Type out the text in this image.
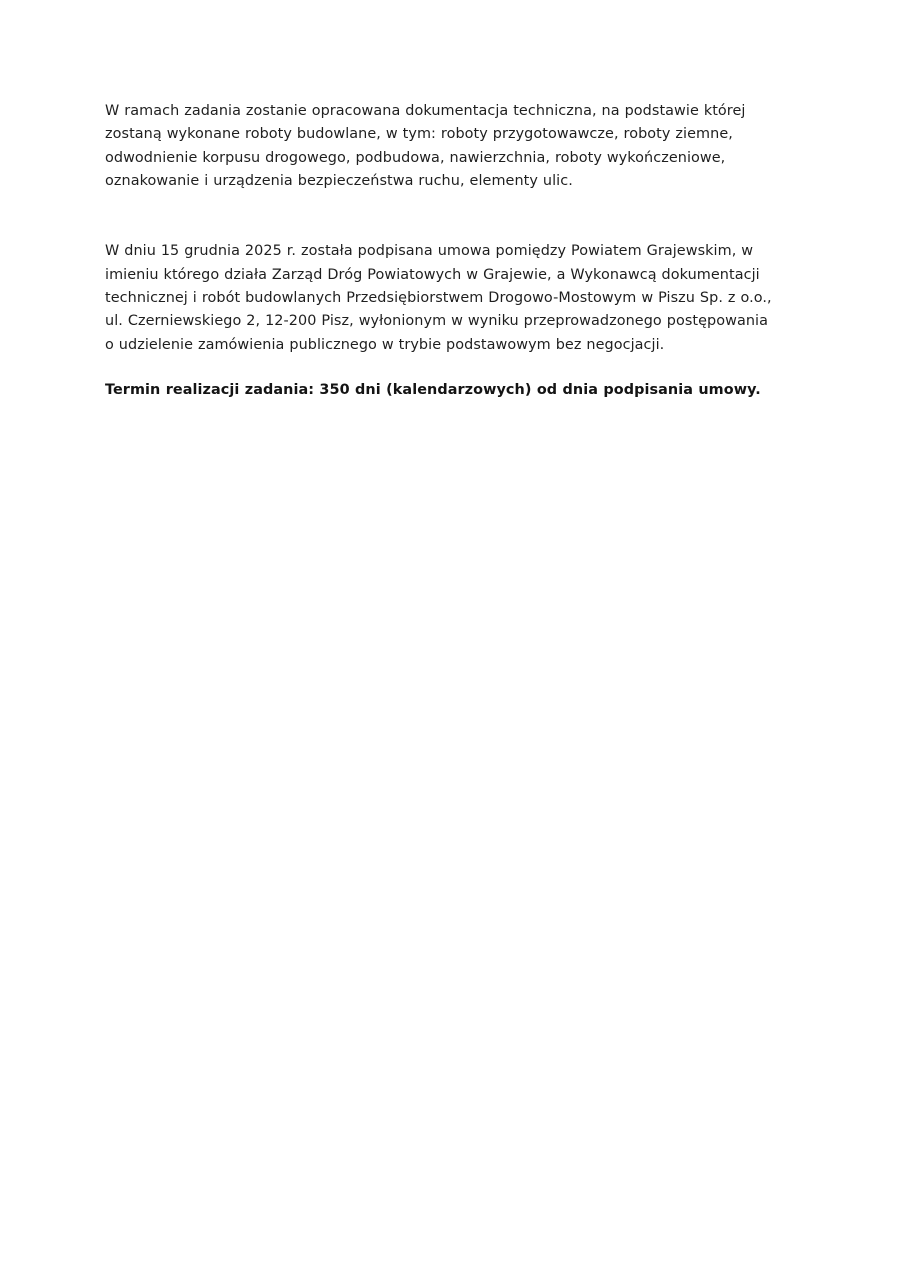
W ramach zadania zostanie opracowana dokumentacja techniczna, na podstawie której zostaną wykonane roboty budowlane, w tym: roboty przygotowawcze, roboty ziemne, odwodnienie korpusu drogowego, podbudowa, nawierzchnia, roboty wykończeniowe, oznakowanie i urządzenia bezpieczeństwa ruchu, elementy ulic.

W dniu 15 grudnia 2025 r. została podpisana umowa pomiędzy Powiatem Grajewskim, w imieniu którego działa Zarząd Dróg Powiatowych w Grajewie, a Wykonawcą dokumentacji technicznej i robót budowlanych Przedsiębiorstwem Drogowo-Mostowym w Piszu Sp. z o.o., ul. Czerniewskiego 2, 12-200 Pisz, wyłonionym w wyniku przeprowadzonego postępowania o udzielenie zamówienia publicznego w trybie podstawowym bez negocjacji.

Termin realizacji zadania: 350 dni (kalendarzowych) od dnia podpisania umowy.
